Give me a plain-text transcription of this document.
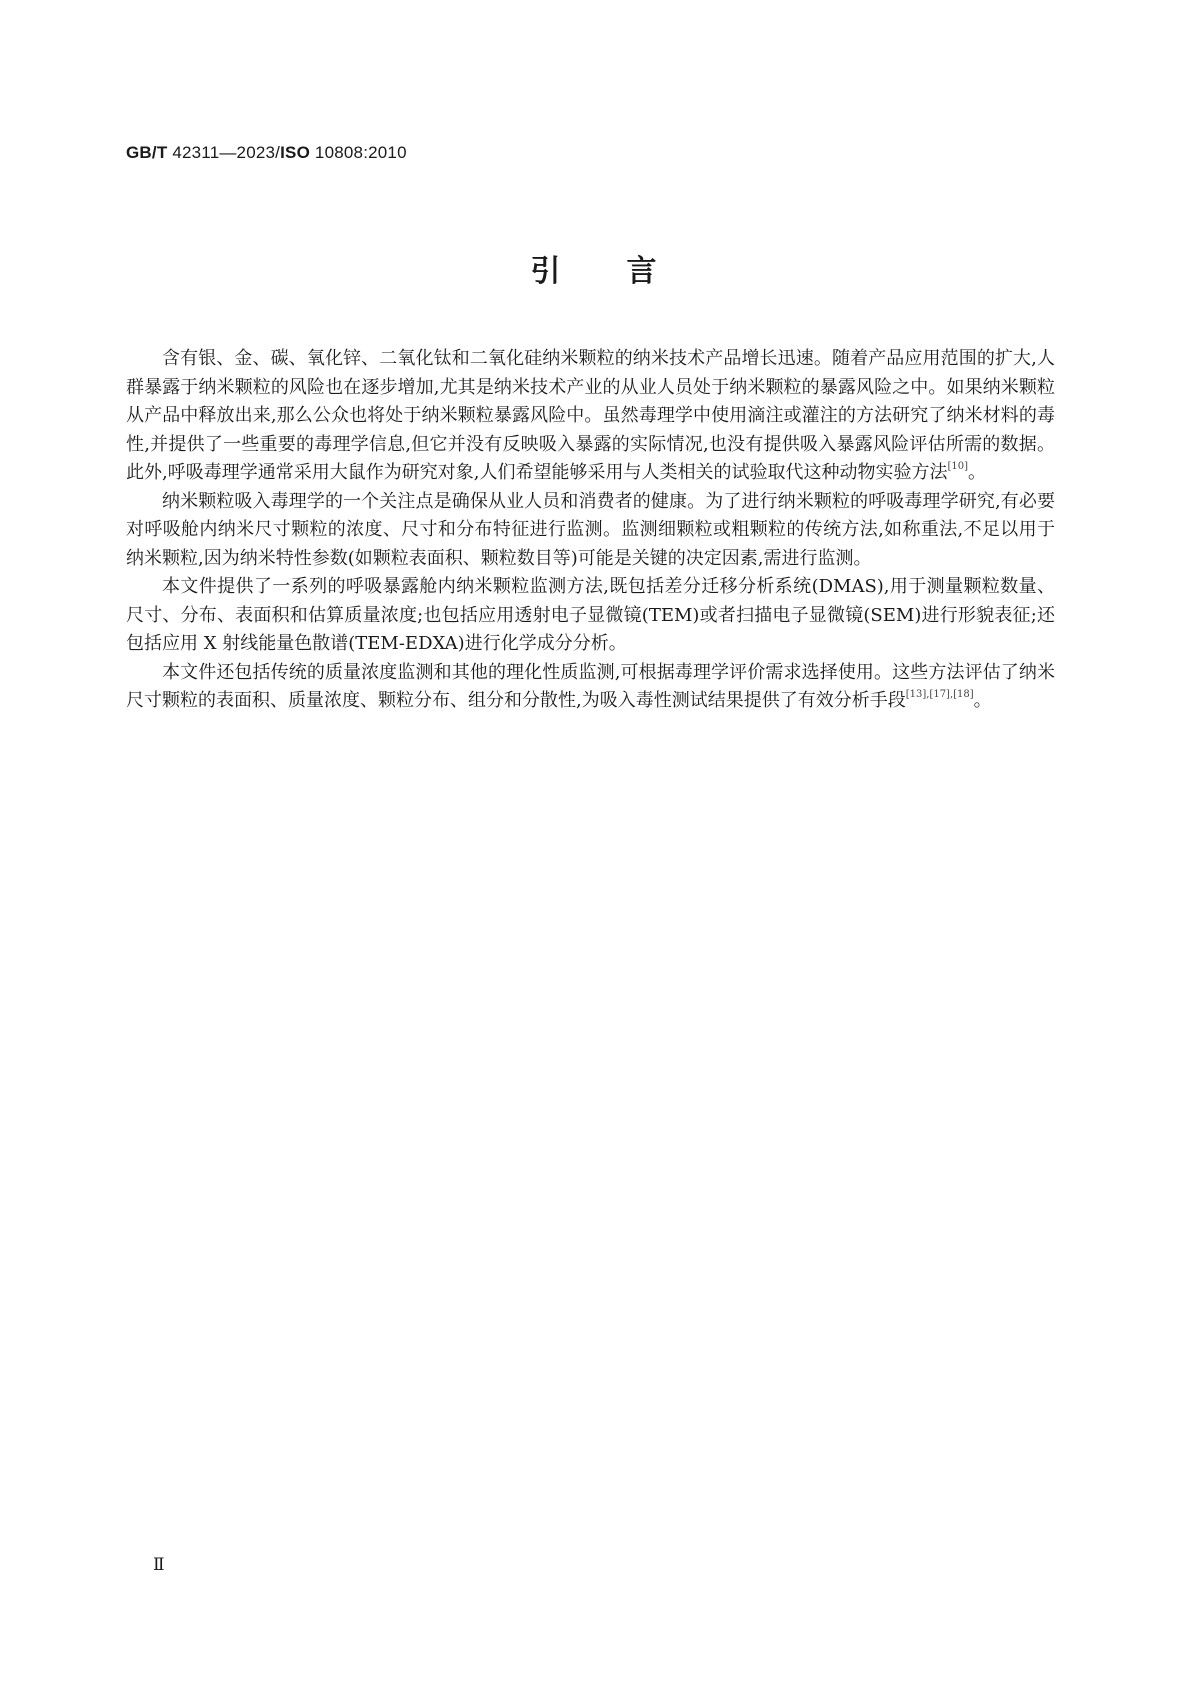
GB/T 42311—2023/ISO 10808:2010
引 言

含有银、金、碳、氧化锌、二氧化钛和二氧化硅纳米颗粒的纳米技术产品增长迅速。随着产品应用范围的扩大,人群暴露于纳米颗粒的风险也在逐步增加,尤其是纳米技术产业的从业人员处于纳米颗粒的暴露风险之中。如果纳米颗粒从产品中释放出来,那么公众也将处于纳米颗粒暴露风险中。虽然毒理学中使用滴注或灌注的方法研究了纳米材料的毒性,并提供了一些重要的毒理学信息,但它并没有反映吸入暴露的实际情况,也没有提供吸入暴露风险评估所需的数据。此外,呼吸毒理学通常采用大鼠作为研究对象,人们希望能够采用与人类相关的试验取代这种动物实验方法[10]。

纳米颗粒吸入毒理学的一个关注点是确保从业人员和消费者的健康。为了进行纳米颗粒的呼吸毒理学研究,有必要对呼吸舱内纳米尺寸颗粒的浓度、尺寸和分布特征进行监测。监测细颗粒或粗颗粒的传统方法,如称重法,不足以用于纳米颗粒,因为纳米特性参数(如颗粒表面积、颗粒数目等)可能是关键的决定因素,需进行监测。

本文件提供了一系列的呼吸暴露舱内纳米颗粒监测方法,既包括差分迁移分析系统(DMAS),用于测量颗粒数量、尺寸、分布、表面积和估算质量浓度;也包括应用透射电子显微镜(TEM)或者扫描电子显微镜(SEM)进行形貌表征;还包括应用 X 射线能量色散谱(TEM-EDXA)进行化学成分分析。

本文件还包括传统的质量浓度监测和其他的理化性质监测,可根据毒理学评价需求选择使用。这些方法评估了纳米尺寸颗粒的表面积、质量浓度、颗粒分布、组分和分散性,为吸入毒性测试结果提供了有效分析手段[13],[17],[18]。

Ⅱ
